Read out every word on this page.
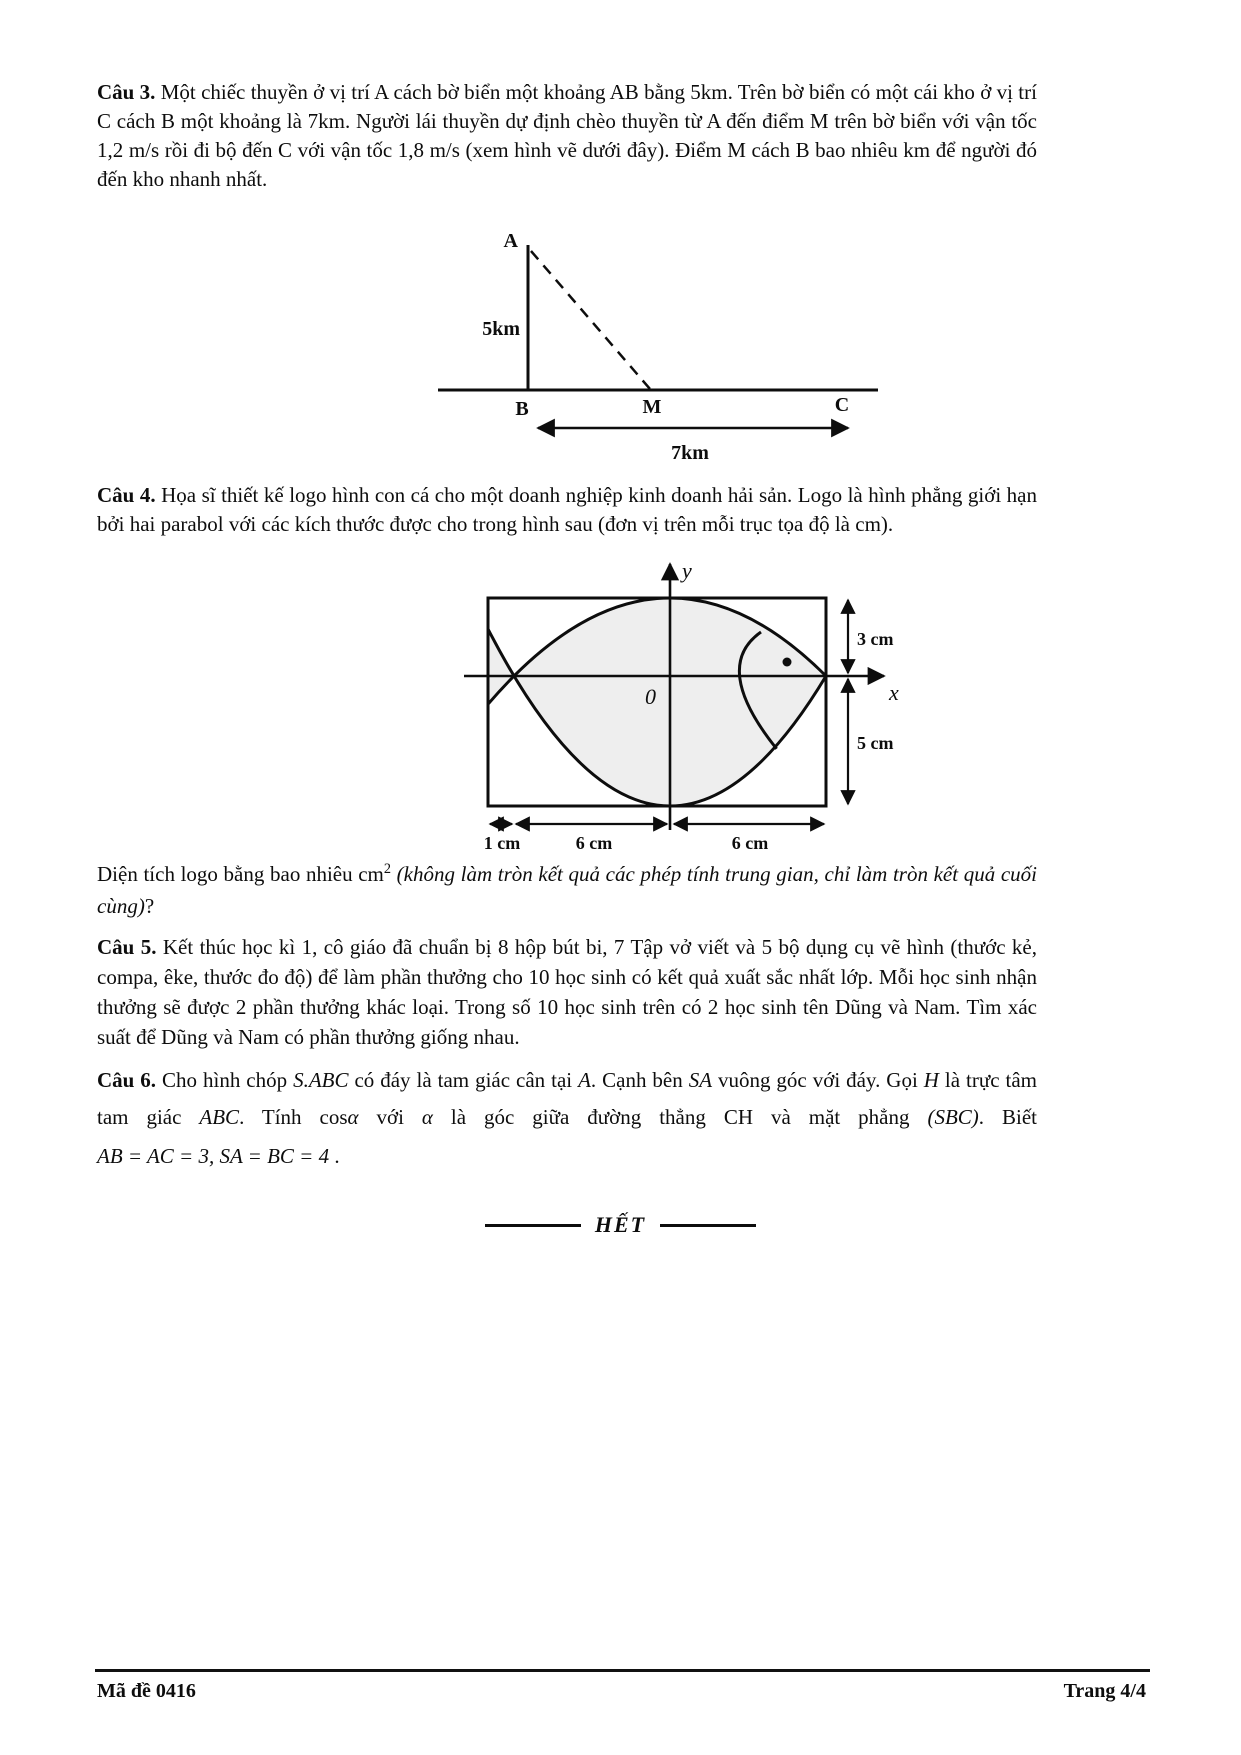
Câu 3. Một chiếc thuyền ở vị trí A cách bờ biển một khoảng AB bằng 5km. Trên bờ biển có một cái kho ở vị trí C cách B một khoảng là 7km. Người lái thuyền dự định chèo thuyền từ A đến điểm M trên bờ biển với vận tốc 1,2 m/s rồi đi bộ đến C với vận tốc 1,8 m/s (xem hình vẽ dưới đây). Điểm M cách B bao nhiêu km để người đó đến kho nhanh nhất.
A
5km
B	M	C
7km
Câu 4. Họa sĩ thiết kế logo hình con cá cho một doanh nghiệp kinh doanh hải sản. Logo là hình phẳng giới hạn bởi hai parabol với các kích thước được cho trong hình sau (đơn vị trên mỗi trục tọa độ là cm).
x
y
0
3 cm
5 cm
1 cm	6 cm	6 cm
Diện tích logo bằng bao nhiêu $cm^2$ (không làm tròn kết quả các phép tính trung gian, chỉ làm tròn kết quả cuối cùng)?
Câu 5. Kết thúc học kì 1, cô giáo đã chuẩn bị 8 hộp bút bi, 7 Tập vở viết và 5 bộ dụng cụ vẽ hình (thước kẻ, compa, êke, thước đo độ) để làm phần thưởng cho 10 học sinh có kết quả xuất sắc nhất lớp. Mỗi học sinh nhận thưởng sẽ được 2 phần thưởng khác loại. Trong số 10 học sinh trên có 2 học sinh tên Dũng và Nam. Tìm xác suất để Dũng và Nam có phần thưởng giống nhau.
Câu 6. Cho hình chóp S.ABC có đáy là tam giác cân tại A. Cạnh bên SA vuông góc với đáy. Gọi H là trực tâm tam giác ABC. Tính cosα với α là góc giữa đường thẳng CH và mặt phẳng (SBC). Biết
AB = AC = 3, SA = BC = 4 .
HẾT
Mã đề 0416	Trang 4/4
